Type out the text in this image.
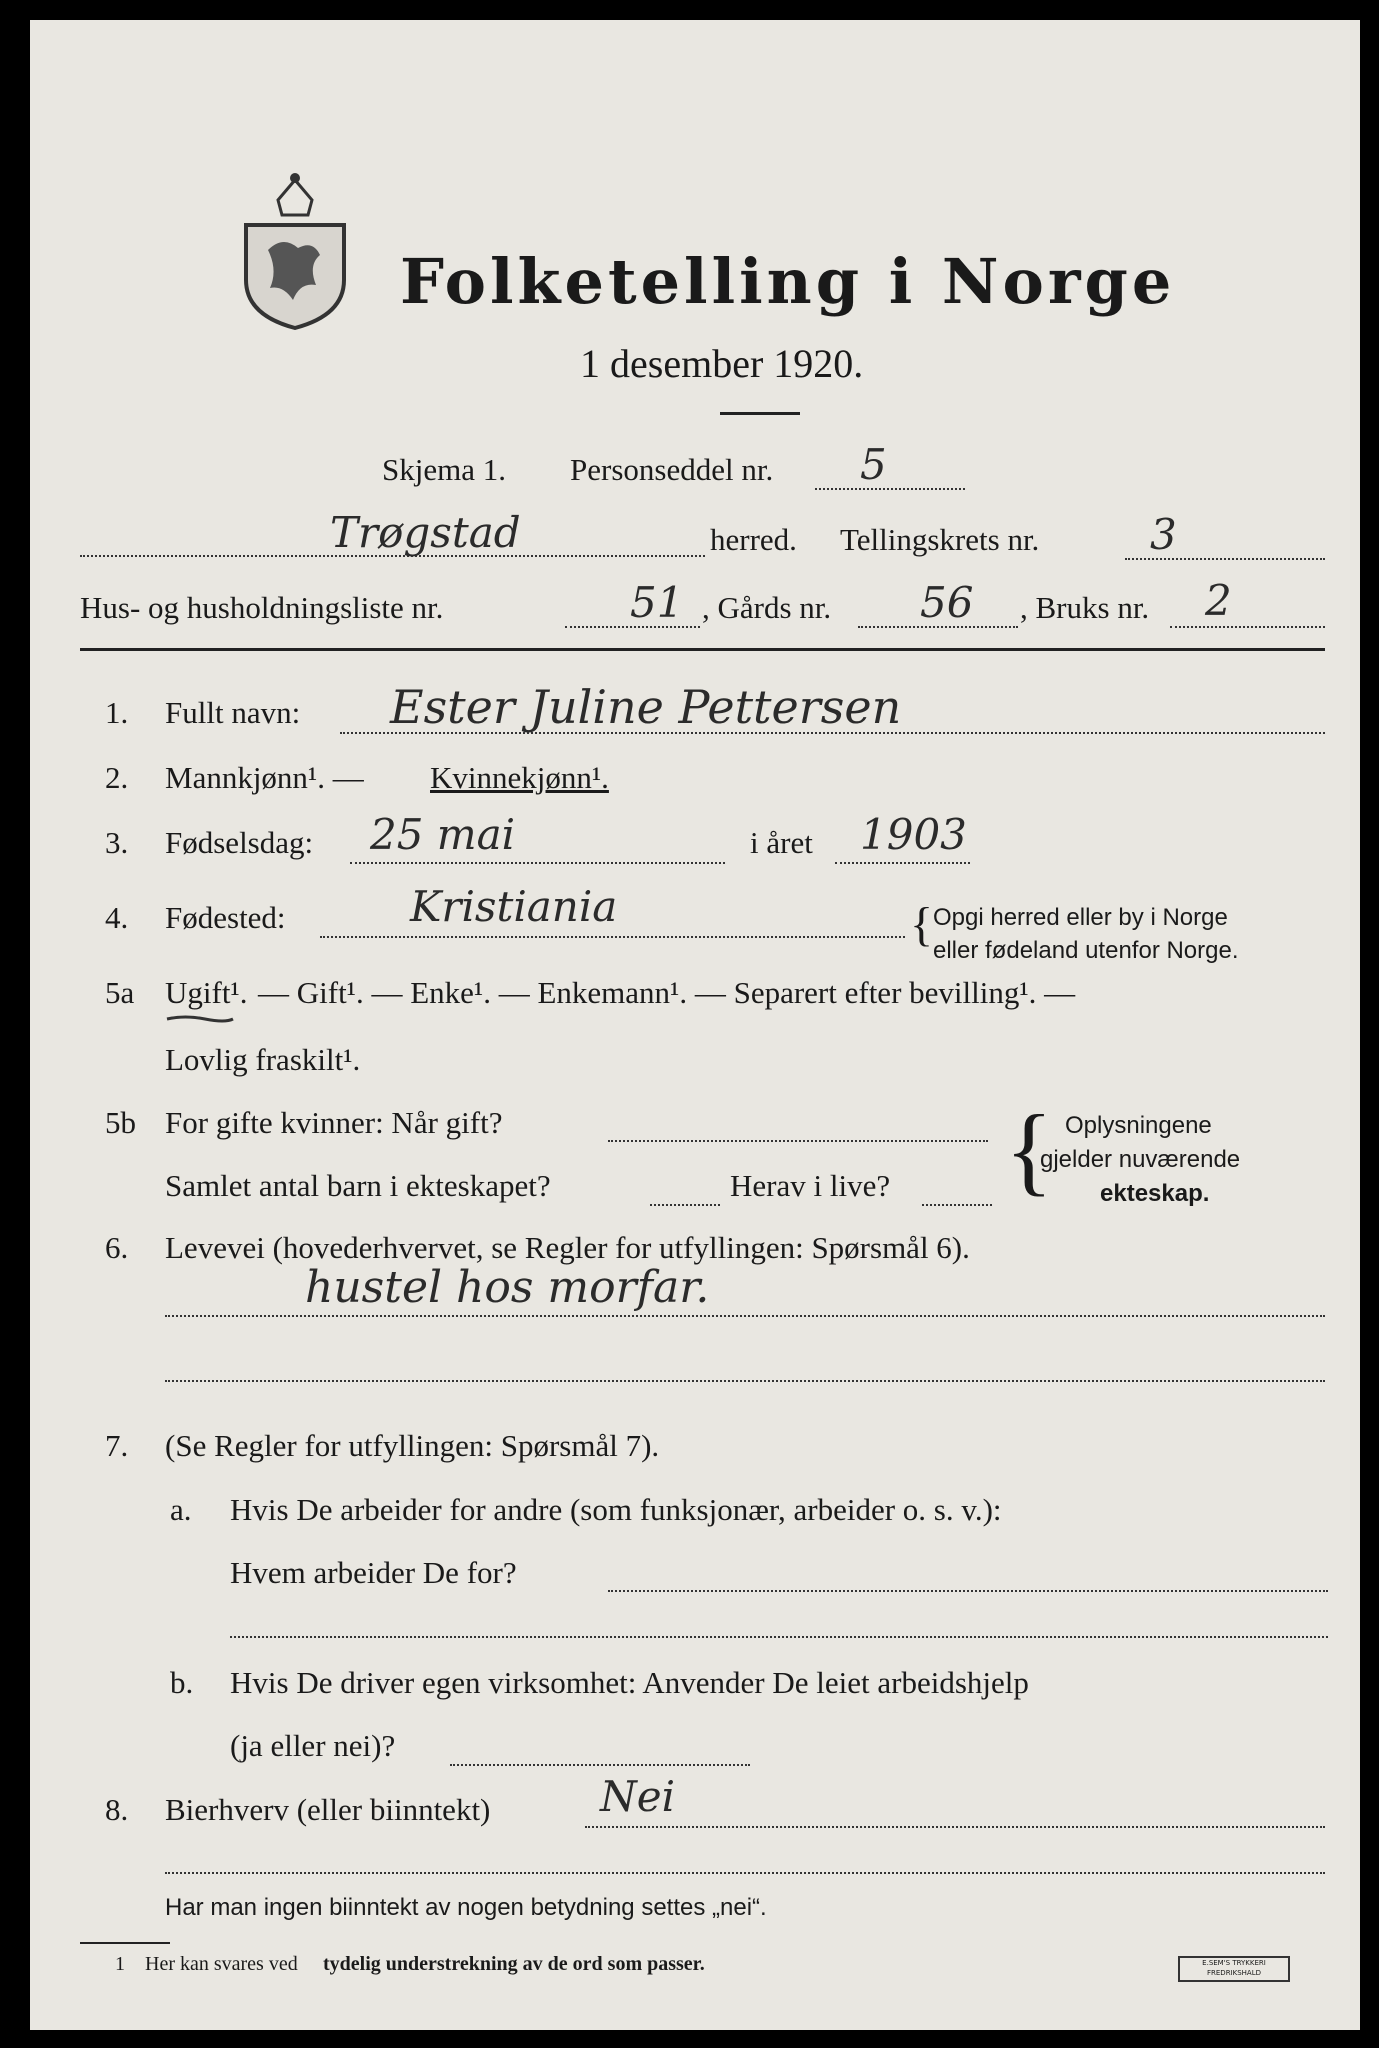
Folketelling i Norge
1 desember 1920.
Skjema 1. Personseddel nr. 5
Trøgstad	herred. Tellingskrets nr.	3
Hus- og husholdningsliste nr.	51 , Gårds nr. 56 , Bruks nr. 2
1. Fullt navn: Ester Juline Pettersen
2. Mannkjønn¹. — Kvinnekjønn¹.
3. Fødselsdag: 25 mai	i året 1903
4. Fødested:	Kristiania	{ Opgi herred eller by i Norge
eller fødeland utenfor Norge.
5a Ugift¹. — Gift¹. — Enke¹. — Enkemann¹. — Separert efter bevilling¹. —
Lovlig fraskilt¹.
5b For gifte kvinner: Når gift?
Samlet antal barn i ekteskapet?	Herav i live? { Oplysningene
gjelder nuværende
ekteskap.
6. Levevei (hovederhvervet, se Regler for utfyllingen: Spørsmål 6).
hustel hos morfar.
7. (Se Regler for utfyllingen: Spørsmål 7).
a. Hvis De arbeider for andre (som funksjonær, arbeider o. s. v.):
Hvem arbeider De for?
b. Hvis De driver egen virksomhet: Anvender De leiet arbeidshjelp
(ja eller nei)?
8. Bierhverv (eller biinntekt)	Nei
Har man ingen biinntekt av nogen betydning settes „nei“.
1 Her kan svares ved tydelig understrekning av de ord som passer.	E.SEM'S TRYKKERI FREDRIKSHALD
